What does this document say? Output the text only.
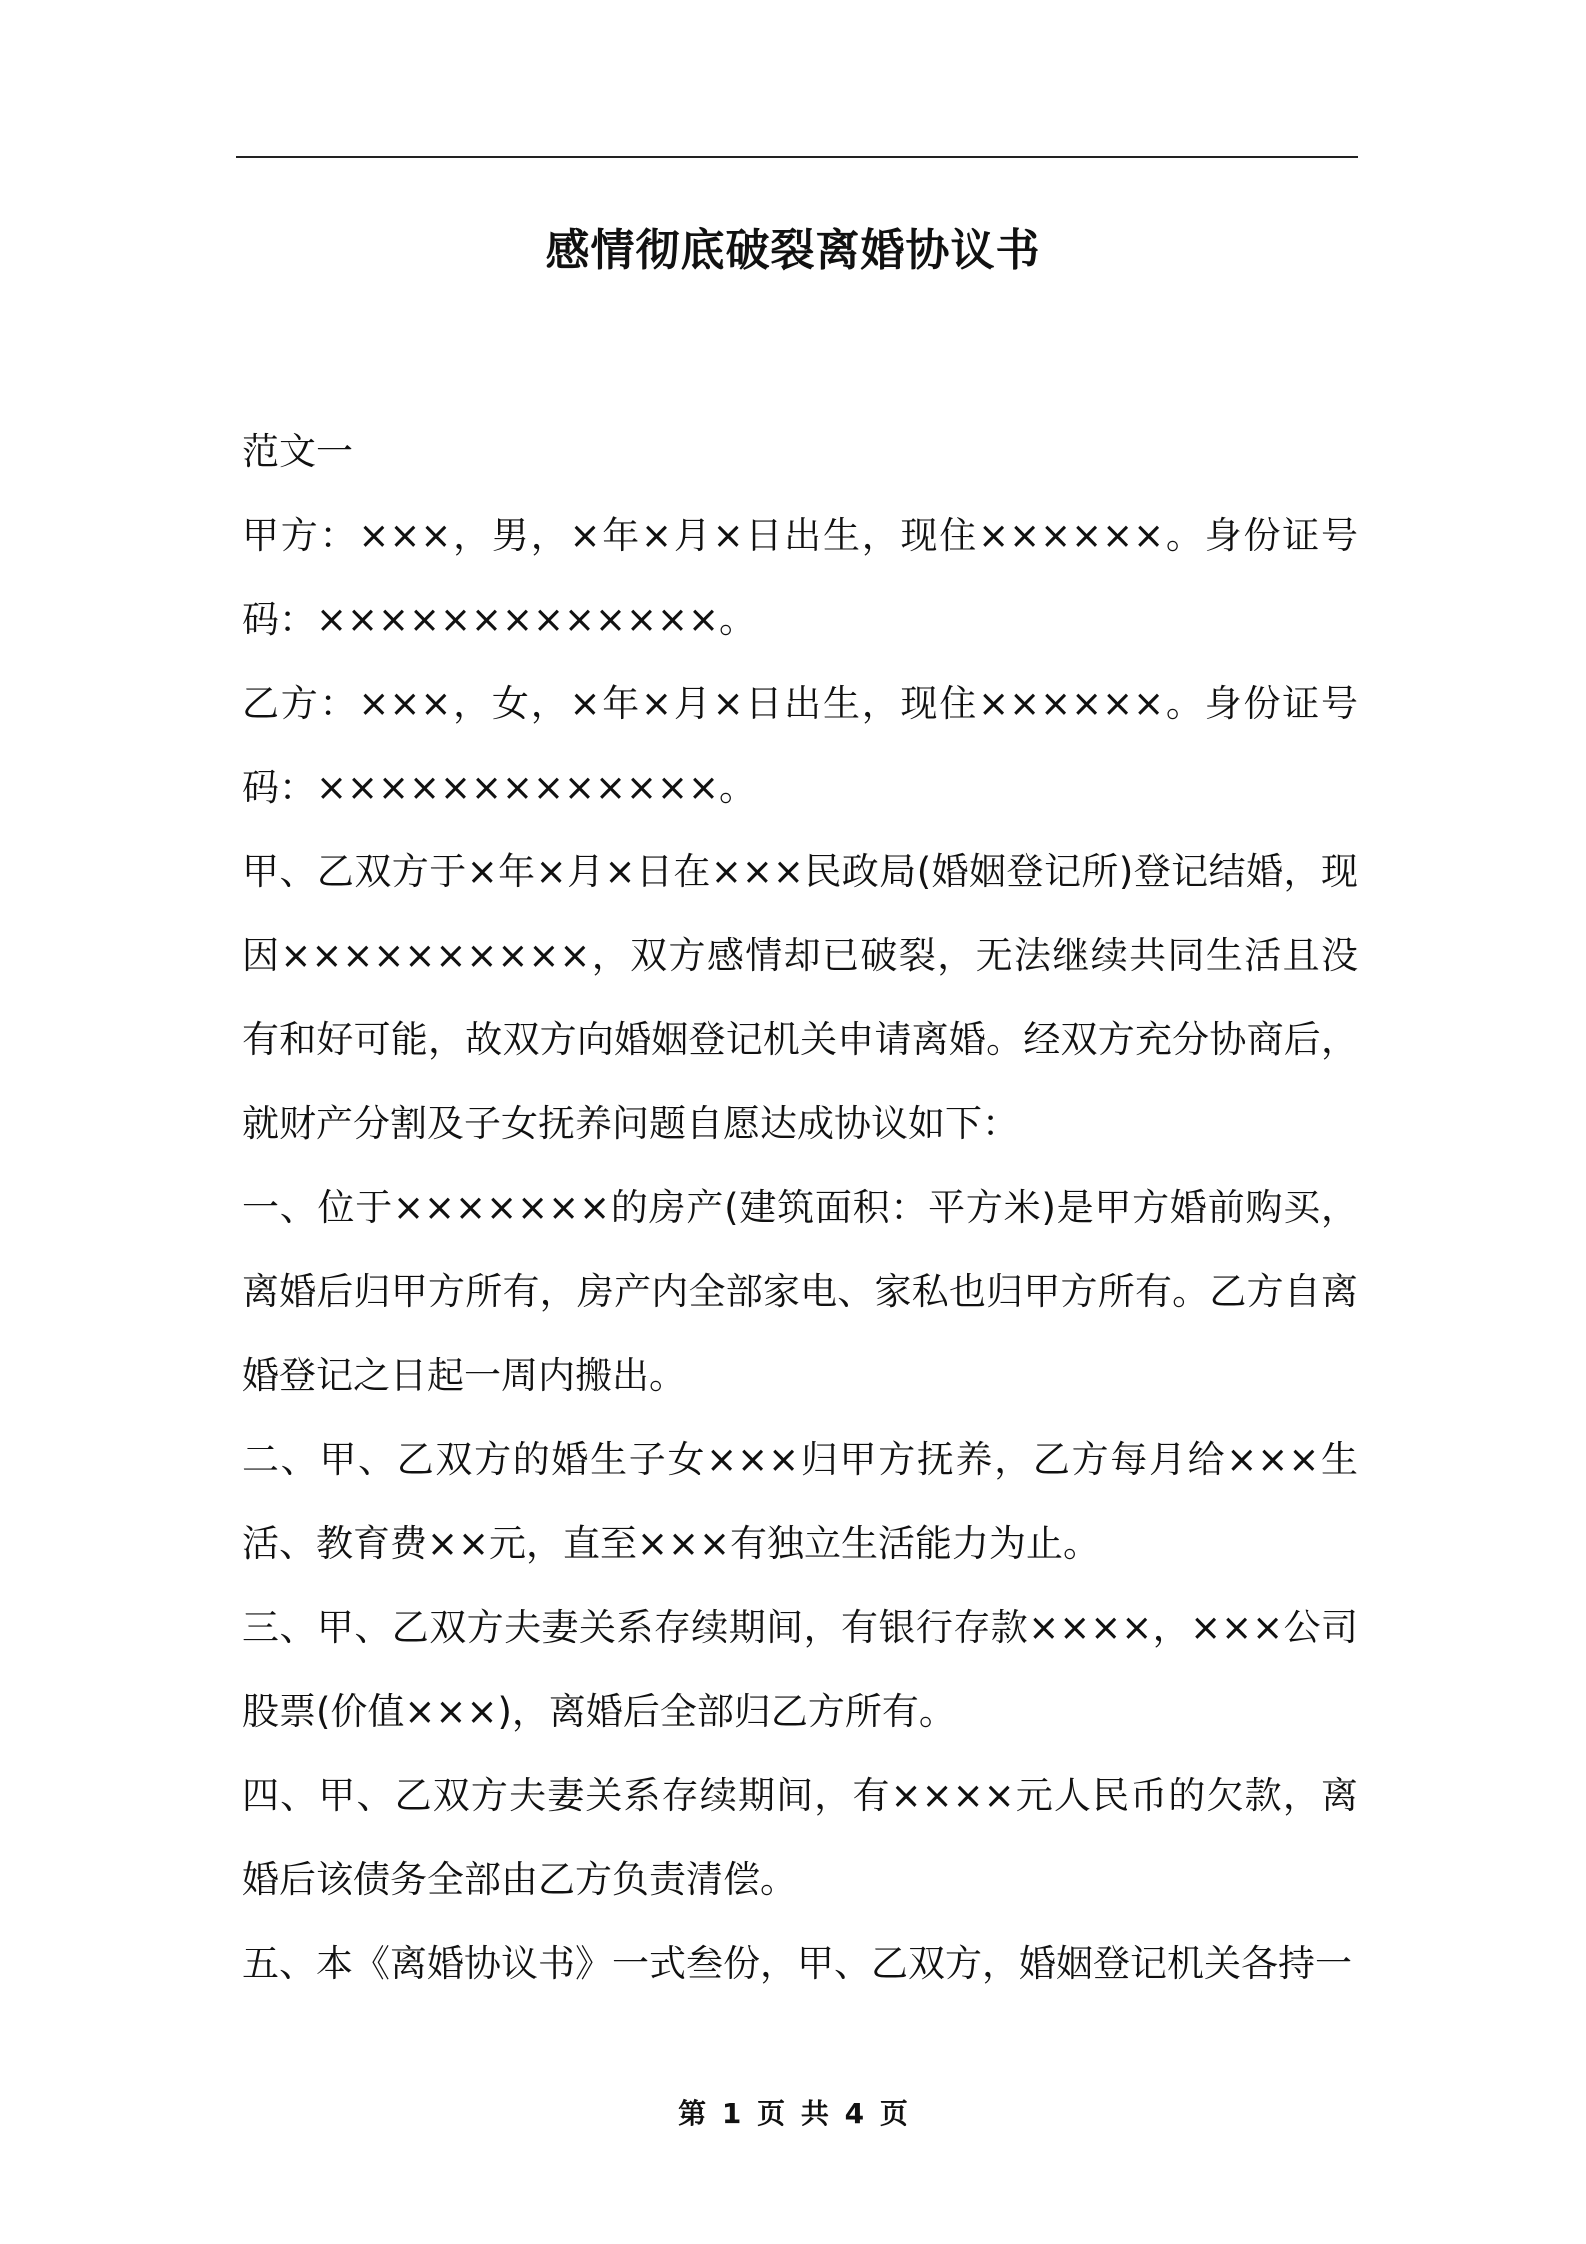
感情彻底破裂离婚协议书

范文一

甲方：×××，男，×年×月×日出生，现住××××××。身份证号码：×××××××××××××。

乙方：×××，女，×年×月×日出生，现住××××××。身份证号码：×××××××××××××。

甲、乙双方于×年×月×日在×××民政局(婚姻登记所)登记结婚，现因××××××××××，双方感情却已破裂，无法继续共同生活且没有和好可能，故双方向婚姻登记机关申请离婚。经双方充分协商后，就财产分割及子女抚养问题自愿达成协议如下：

一、位于×××××××的房产(建筑面积：平方米)是甲方婚前购买，离婚后归甲方所有，房产内全部家电、家私也归甲方所有。乙方自离婚登记之日起一周内搬出。

二、甲、乙双方的婚生子女×××归甲方抚养，乙方每月给×××生活、教育费××元，直至×××有独立生活能力为止。

三、甲、乙双方夫妻关系存续期间，有银行存款××××，×××公司股票(价值×××)，离婚后全部归乙方所有。

四、甲、乙双方夫妻关系存续期间，有××××元人民币的欠款，离婚后该债务全部由乙方负责清偿。

五、本《离婚协议书》一式叁份，甲、乙双方，婚姻登记机关各持一

第 1 页 共 4 页
